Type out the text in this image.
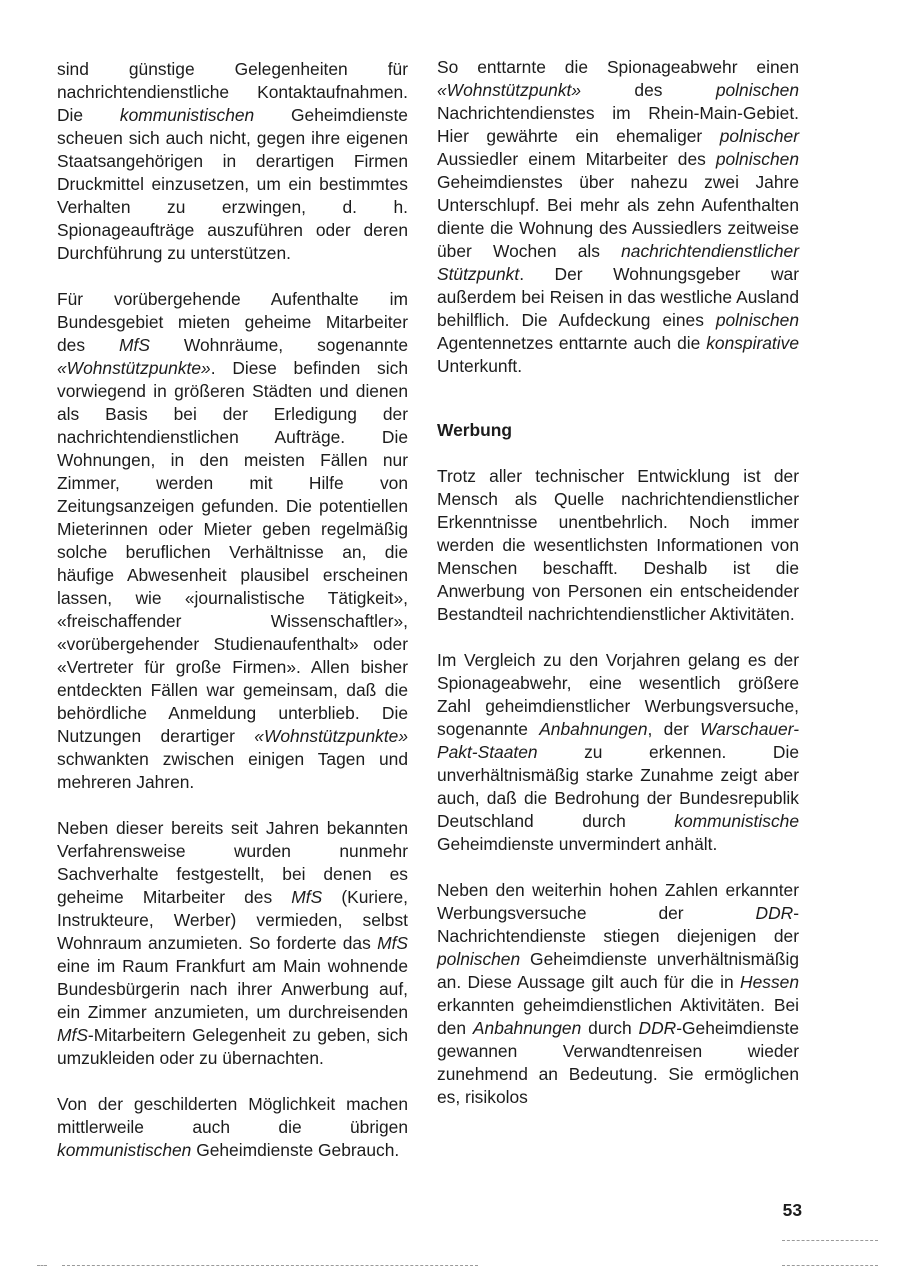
sind günstige Gelegenheiten für nachrichtendienstliche Kontaktaufnahmen. Die kommunistischen Geheimdienste scheuen sich auch nicht, gegen ihre eigenen Staatsangehörigen in derartigen Firmen Druckmittel einzusetzen, um ein bestimmtes Verhalten zu erzwingen, d. h. Spionageaufträge auszuführen oder deren Durchführung zu unterstützen.

Für vorübergehende Aufenthalte im Bundesgebiet mieten geheime Mitarbeiter des MfS Wohnräume, sogenannte «Wohnstützpunkte». Diese befinden sich vorwiegend in größeren Städten und dienen als Basis bei der Erledigung der nachrichtendienstlichen Aufträge. Die Wohnungen, in den meisten Fällen nur Zimmer, werden mit Hilfe von Zeitungsanzeigen gefunden. Die potentiellen Mieterinnen oder Mieter geben regelmäßig solche beruflichen Verhältnisse an, die häufige Abwesenheit plausibel erscheinen lassen, wie «journalistische Tätigkeit», «freischaffender Wissenschaftler», «vorübergehender Studienaufenthalt» oder «Vertreter für große Firmen». Allen bisher entdeckten Fällen war gemeinsam, daß die behördliche Anmeldung unterblieb. Die Nutzungen derartiger «Wohnstützpunkte» schwankten zwischen einigen Tagen und mehreren Jahren.

Neben dieser bereits seit Jahren bekannten Verfahrensweise wurden nunmehr Sachverhalte festgestellt, bei denen es geheime Mitarbeiter des MfS (Kuriere, Instrukteure, Werber) vermieden, selbst Wohnraum anzumieten. So forderte das MfS eine im Raum Frankfurt am Main wohnende Bundesbürgerin nach ihrer Anwerbung auf, ein Zimmer anzumieten, um durchreisenden MfS-Mitarbeitern Gelegenheit zu geben, sich umzukleiden oder zu übernachten.

Von der geschilderten Möglichkeit machen mittlerweile auch die übrigen kommunistischen Geheimdienste Gebrauch.

So enttarnte die Spionageabwehr einen «Wohnstützpunkt» des polnischen Nachrichtendienstes im Rhein-Main-Gebiet. Hier gewährte ein ehemaliger polnischer Aussiedler einem Mitarbeiter des polnischen Geheimdienstes über nahezu zwei Jahre Unterschlupf. Bei mehr als zehn Aufenthalten diente die Wohnung des Aussiedlers zeitweise über Wochen als nachrichtendienstlicher Stützpunkt. Der Wohnungsgeber war außerdem bei Reisen in das westliche Ausland behilflich. Die Aufdeckung eines polnischen Agentennetzes enttarnte auch die konspirative Unterkunft.

Werbung

Trotz aller technischer Entwicklung ist der Mensch als Quelle nachrichtendienstlicher Erkenntnisse unentbehrlich. Noch immer werden die wesentlichsten Informationen von Menschen beschafft. Deshalb ist die Anwerbung von Personen ein entscheidender Bestandteil nachrichtendienstlicher Aktivitäten.

Im Vergleich zu den Vorjahren gelang es der Spionageabwehr, eine wesentlich größere Zahl geheimdienstlicher Werbungsversuche, sogenannte Anbahnungen, der Warschauer-Pakt-Staaten zu erkennen. Die unverhältnismäßig starke Zunahme zeigt aber auch, daß die Bedrohung der Bundesrepublik Deutschland durch kommunistische Geheimdienste unvermindert anhält.

Neben den weiterhin hohen Zahlen erkannter Werbungsversuche der DDR-Nachrichtendienste stiegen diejenigen der polnischen Geheimdienste unverhältnismäßig an. Diese Aussage gilt auch für die in Hessen erkannten geheimdienstlichen Aktivitäten. Bei den Anbahnungen durch DDR-Geheimdienste gewannen Verwandtenreisen wieder zunehmend an Bedeutung. Sie ermöglichen es, risikolos

53
